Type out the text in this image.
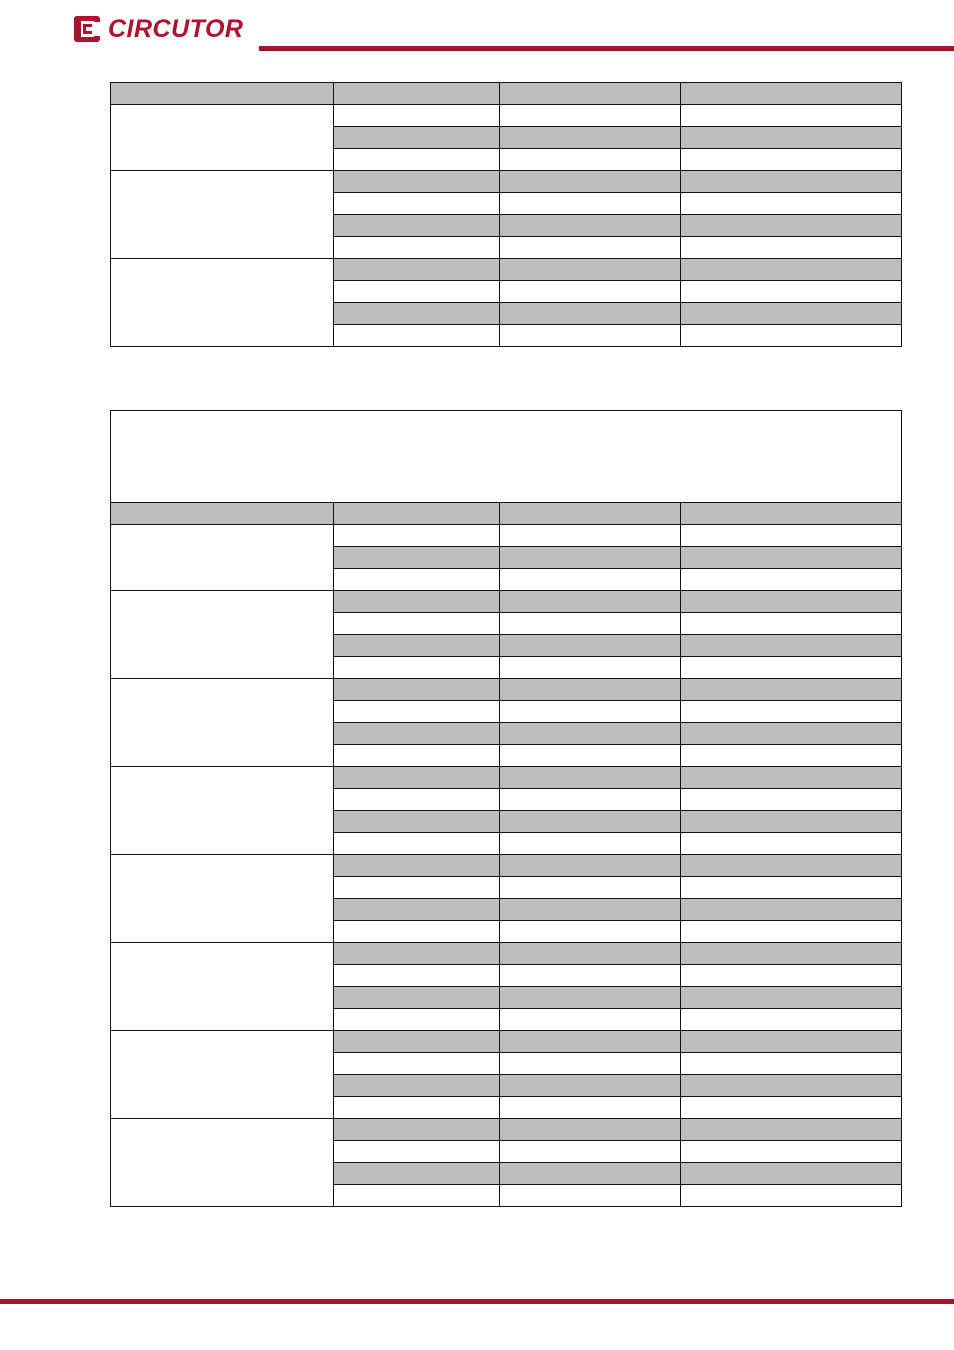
CIRCUTOR
